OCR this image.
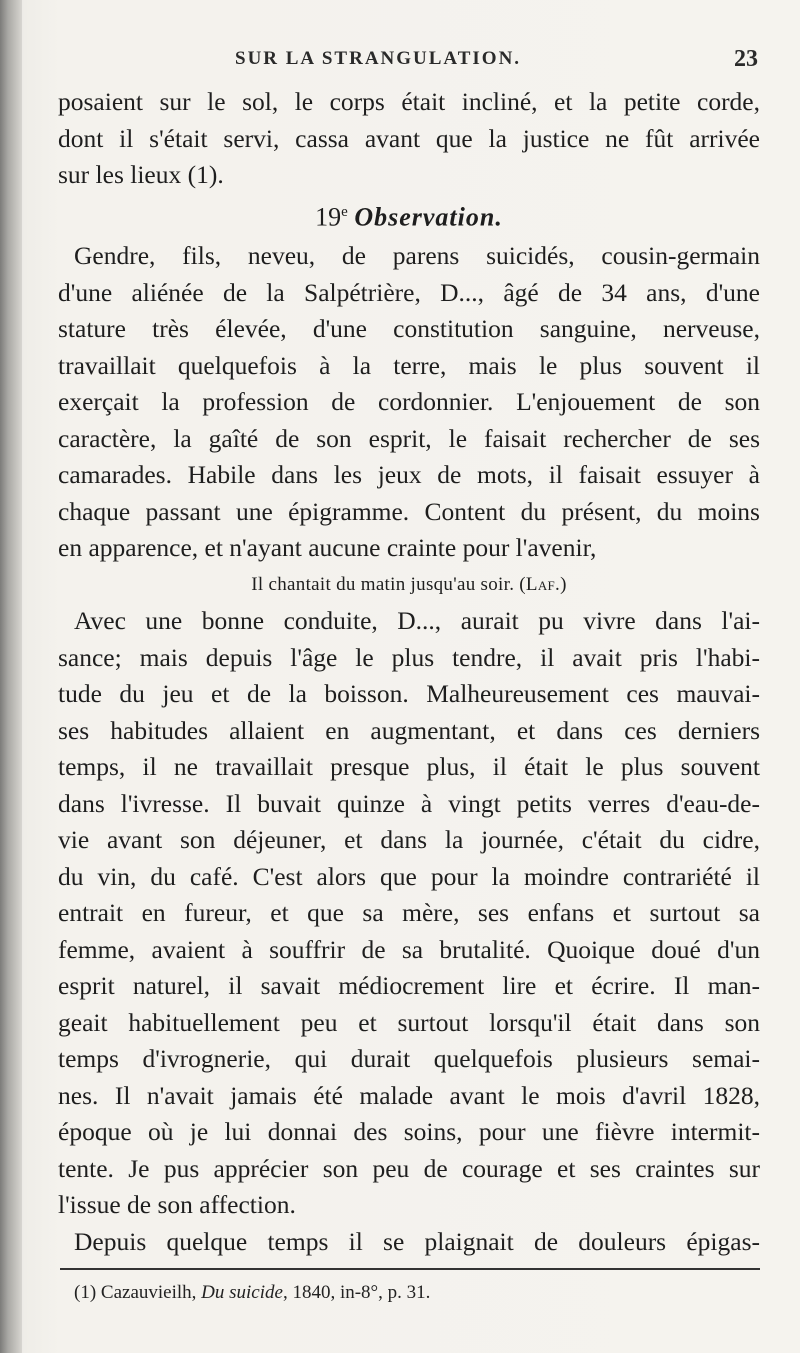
SUR LA STRANGULATION.	23
posaient sur le sol, le corps était incliné, et la petite corde,
dont il s'était servi, cassa avant que la justice ne fût arrivée
sur les lieux (1).
19e Observation.
Gendre, fils, neveu, de parens suicidés, cousin-germain
d'une aliénée de la Salpétrière, D..., âgé de 34 ans, d'une
stature très élevée, d'une constitution sanguine, nerveuse,
travaillait quelquefois à la terre, mais le plus souvent il
exerçait la profession de cordonnier. L'enjouement de son
caractère, la gaîté de son esprit, le faisait rechercher de ses
camarades. Habile dans les jeux de mots, il faisait essuyer à
chaque passant une épigramme. Content du présent, du moins
en apparence, et n'ayant aucune crainte pour l'avenir,
Il chantait du matin jusqu'au soir. (Laf.)
Avec une bonne conduite, D..., aurait pu vivre dans l'ai-
sance; mais depuis l'âge le plus tendre, il avait pris l'habi-
tude du jeu et de la boisson. Malheureusement ces mauvai-
ses habitudes allaient en augmentant, et dans ces derniers
temps, il ne travaillait presque plus, il était le plus souvent
dans l'ivresse. Il buvait quinze à vingt petits verres d'eau-de-
vie avant son déjeuner, et dans la journée, c'était du cidre,
du vin, du café. C'est alors que pour la moindre contrariété il
entrait en fureur, et que sa mère, ses enfans et surtout sa
femme, avaient à souffrir de sa brutalité. Quoique doué d'un
esprit naturel, il savait médiocrement lire et écrire. Il man-
geait habituellement peu et surtout lorsqu'il était dans son
temps d'ivrognerie, qui durait quelquefois plusieurs semai-
nes. Il n'avait jamais été malade avant le mois d'avril 1828,
époque où je lui donnai des soins, pour une fièvre intermit-
tente. Je pus apprécier son peu de courage et ses craintes sur
l'issue de son affection.
Depuis quelque temps il se plaignait de douleurs épigas-
(1) Cazauvieilh, Du suicide, 1840, in-8°, p. 31.
